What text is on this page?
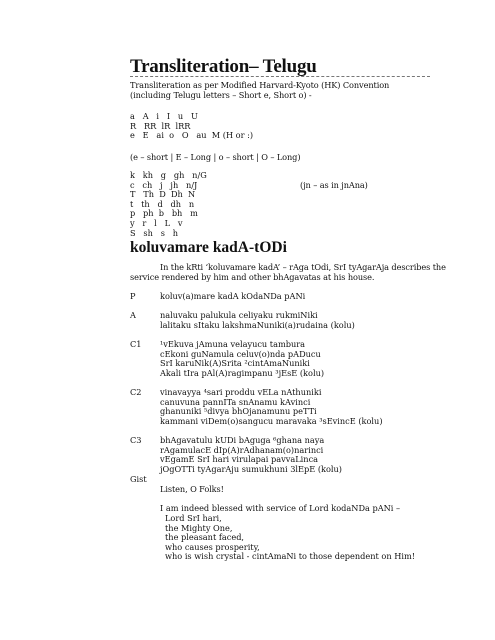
Transliteration– Telugu
Transliteration as per Modified Harvard-Kyoto (HK) Convention
(including Telugu letters – Short e, Short o) -
a   A   i   I   u   U
R   RR  lR  lRR
e   E   ai  o   O   au  M (H or :)
(e – short | E – Long | o – short | O – Long)
k   kh   g   gh   n/G
c   ch   j   jh   n/J
T   Th  D  Dh  N
t   th   d   dh   n
p   ph  b   bh   m
y   r   l   L   v
S   sh   s   h
(jn – as in jnAna)
koluvamare kadA-tODi
In the kRti ‘koluvamare kadA’ – rAga tOdi, SrI tyAgarAja describes the
service rendered by him and other bhAgavatas at his house.
P	koluv(a)mare kadA kOdaNDa pANi
A	naluvaku palukula celiyaku rukmiNiki
lalitaku sItaku lakshmaNuniki(a)rudaina (kolu)
C1 ¹vEkuva jAmuna velayucu tambura
cEkoni guNamula celuv(o)nda pADucu
SrI karuNik(A)Srita ²cintAmaNuniki
Akali tIra pAl(A)ragimpanu ³jEsE (kolu)
C2 vinavayya ⁴sari proddu vELa nAthuniki
canuvuna pannITa snAnamu kAvinci
ghanuniki ⁵divya bhOjanamunu peTTi
kammani viDem(o)sangucu maravaka ³sEvincE (kolu)
C3 bhAgavatulu kUDi bAguga ⁶ghana naya
rAgamulacE dIp(A)rAdhanam(o)narinci
vEgamE SrI hari virulapai pavvaLinca
jOgOTTi tyAgarAju sumukhuni 3lEpE (kolu)
Gist
Listen, O Folks!
I am indeed blessed with service of Lord kodaNDa pANi –
Lord SrI hari,
the Mighty One,
the pleasant faced,
who causes prosperity,
who is wish crystal - cintAmaNi to those dependent on Him!
